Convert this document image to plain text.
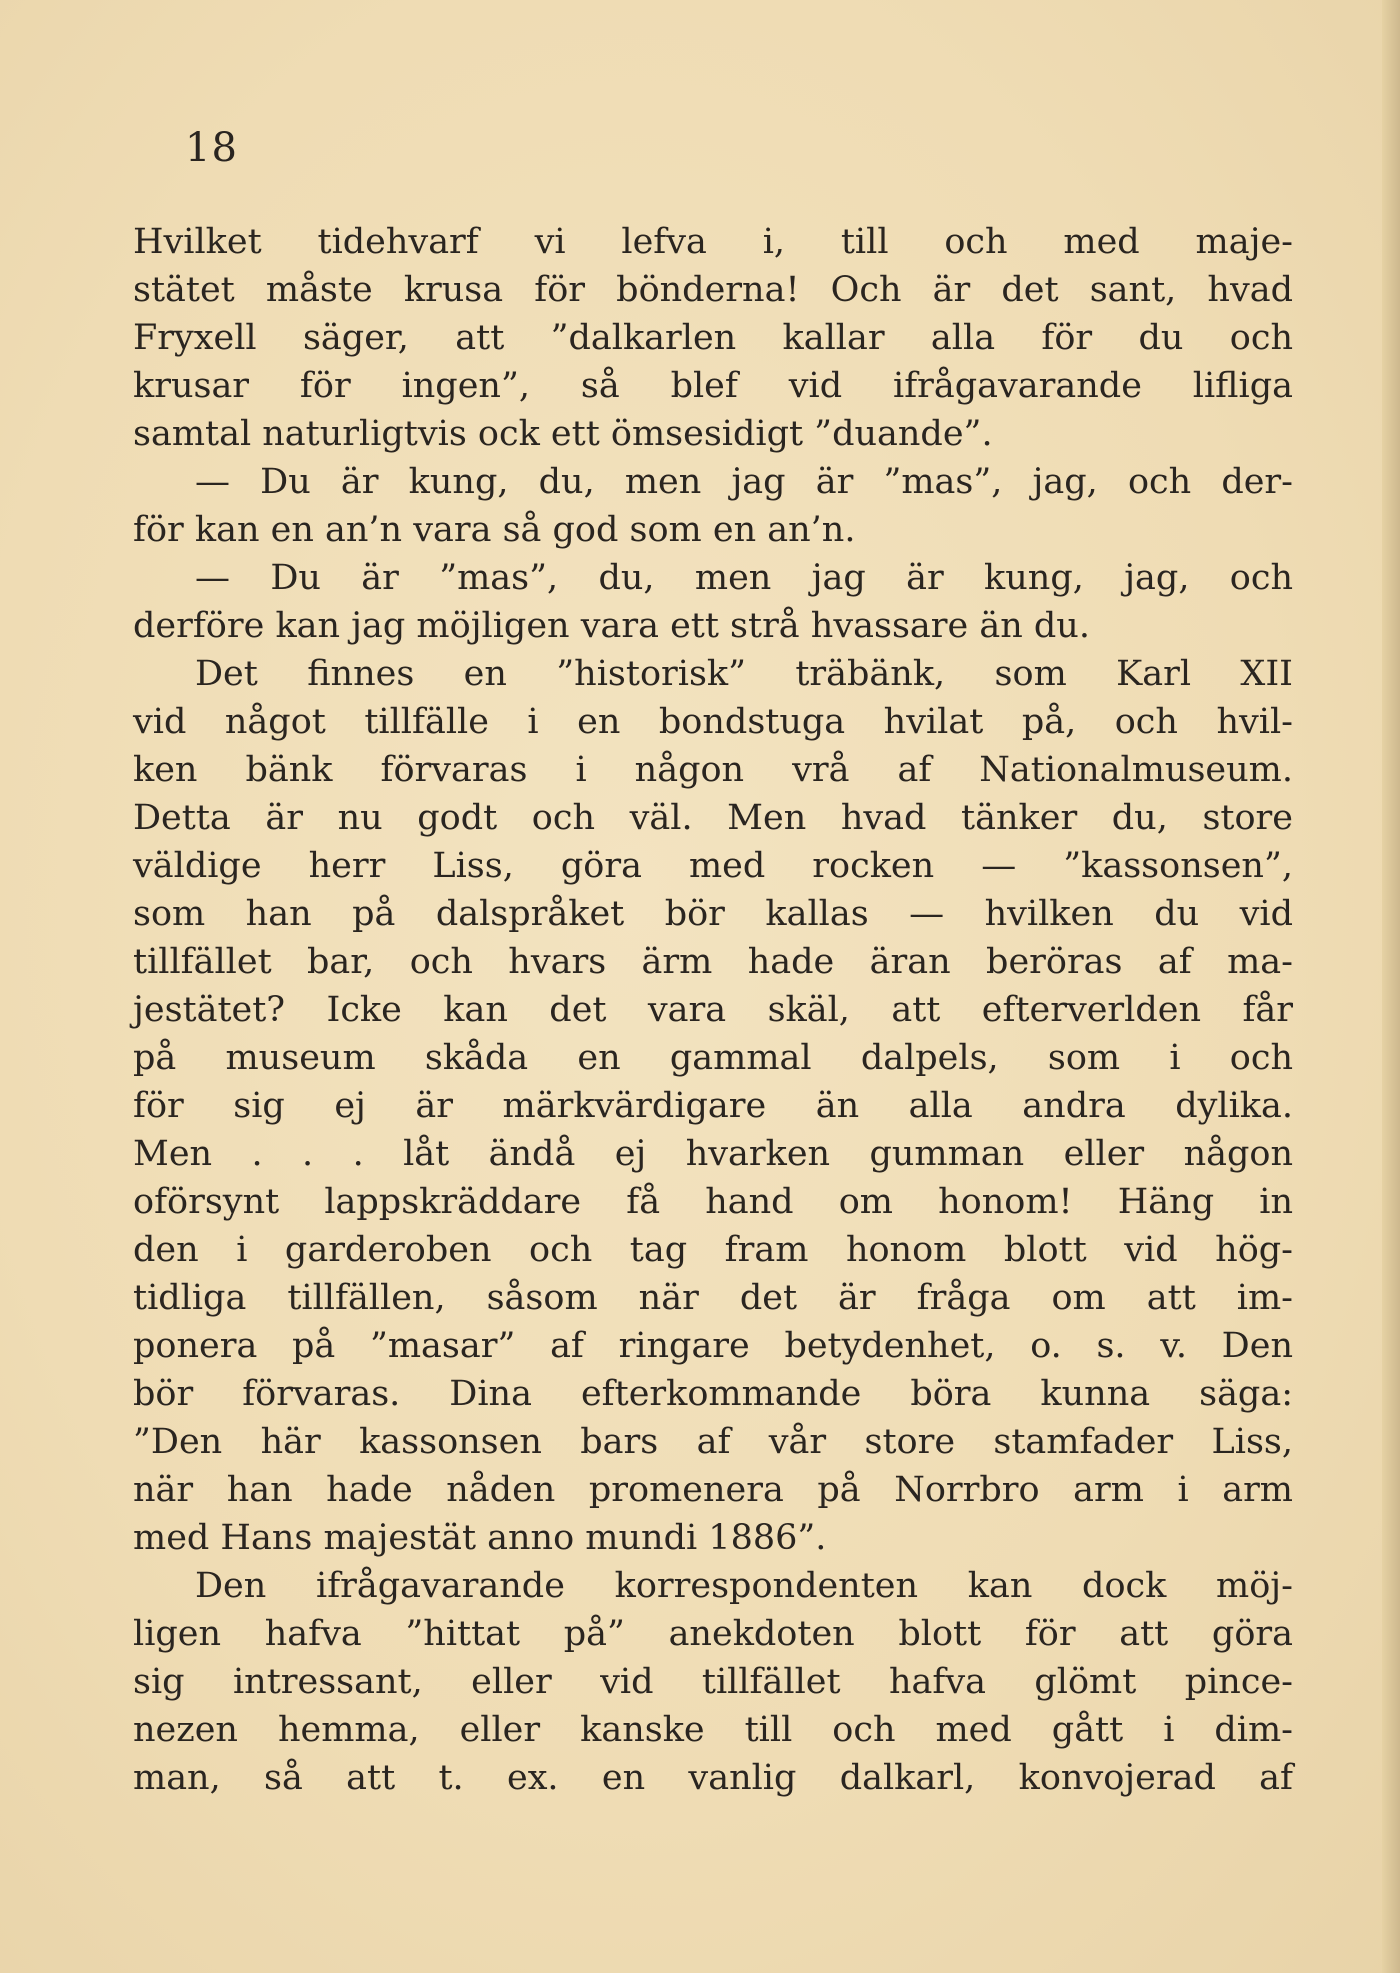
18
Hvilket tidehvarf vi lefva i, till och med maje-
stätet måste krusa för bönderna! Och är det sant, hvad
Fryxell säger, att ”dalkarlen kallar alla för du och
krusar för ingen”, så blef vid ifrågavarande lifliga
samtal naturligtvis ock ett ömsesidigt ”duande”.
— Du är kung, du, men jag är ”mas”, jag, och der-
för kan en an’n vara så god som en an’n.
— Du är ”mas”, du, men jag är kung, jag, och
derföre kan jag möjligen vara ett strå hvassare än du.
Det finnes en ”historisk” träbänk, som Karl XII
vid något tillfälle i en bondstuga hvilat på, och hvil-
ken bänk förvaras i någon vrå af Nationalmuseum.
Detta är nu godt och väl. Men hvad tänker du, store
väldige herr Liss, göra med rocken — ”kassonsen”,
som han på dalspråket bör kallas — hvilken du vid
tillfället bar, och hvars ärm hade äran beröras af ma-
jestätet? Icke kan det vara skäl, att efterverlden får
på museum skåda en gammal dalpels, som i och
för sig ej är märkvärdigare än alla andra dylika.
Men . . . låt ändå ej hvarken gumman eller någon
oförsynt lappskräddare få hand om honom! Häng in
den i garderoben och tag fram honom blott vid hög-
tidliga tillfällen, såsom när det är fråga om att im-
ponera på ”masar” af ringare betydenhet, o. s. v. Den
bör förvaras. Dina efterkommande böra kunna säga:
”Den här kassonsen bars af vår store stamfader Liss,
när han hade nåden promenera på Norrbro arm i arm
med Hans majestät anno mundi 1886”.
Den ifrågavarande korrespondenten kan dock möj-
ligen hafva ”hittat på” anekdoten blott för att göra
sig intressant, eller vid tillfället hafva glömt pince-
nezen hemma, eller kanske till och med gått i dim-
man, så att t. ex. en vanlig dalkarl, konvojerad af
